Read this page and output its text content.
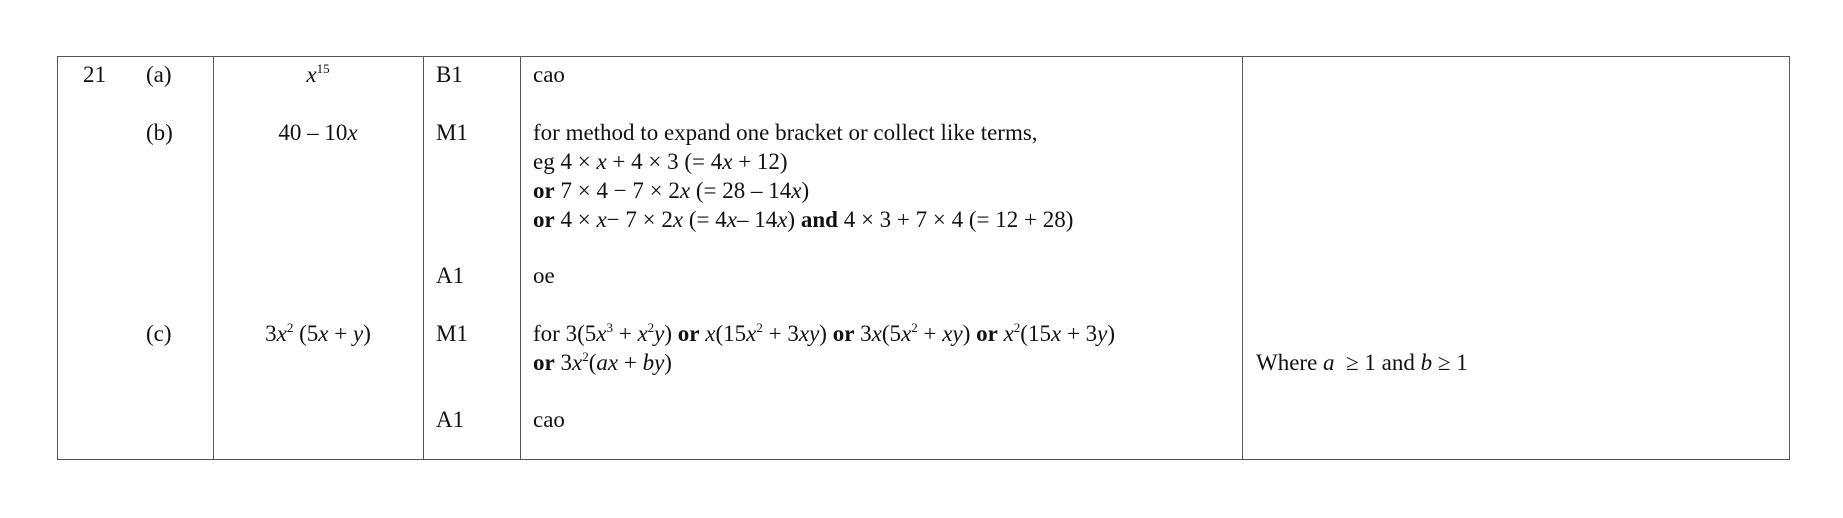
21 (a)
(b)
(c)
$x^{15}$
40 – 10x
$3x^2$ (5x + y)
B1
M1
A1
M1
A1
cao
for method to expand one bracket or collect like terms,
eg 4 × x + 4 × 3 (= 4x + 12)
or 7 × 4 − 7 × 2x (= 28 – 14x)
or 4 × x− 7 × 2x (= 4x– 14x) and 4 × 3 + 7 × 4 (= 12 + 28)
oe
for $3(5x^3 + x^2y)$ or $x(15x^2 + 3xy)$ or $3x(5x^2 + xy)$ or $x^2(15x + 3y)$
or $3x^2(ax + by)$
cao
Where a  ≥ 1 and b ≥ 1
